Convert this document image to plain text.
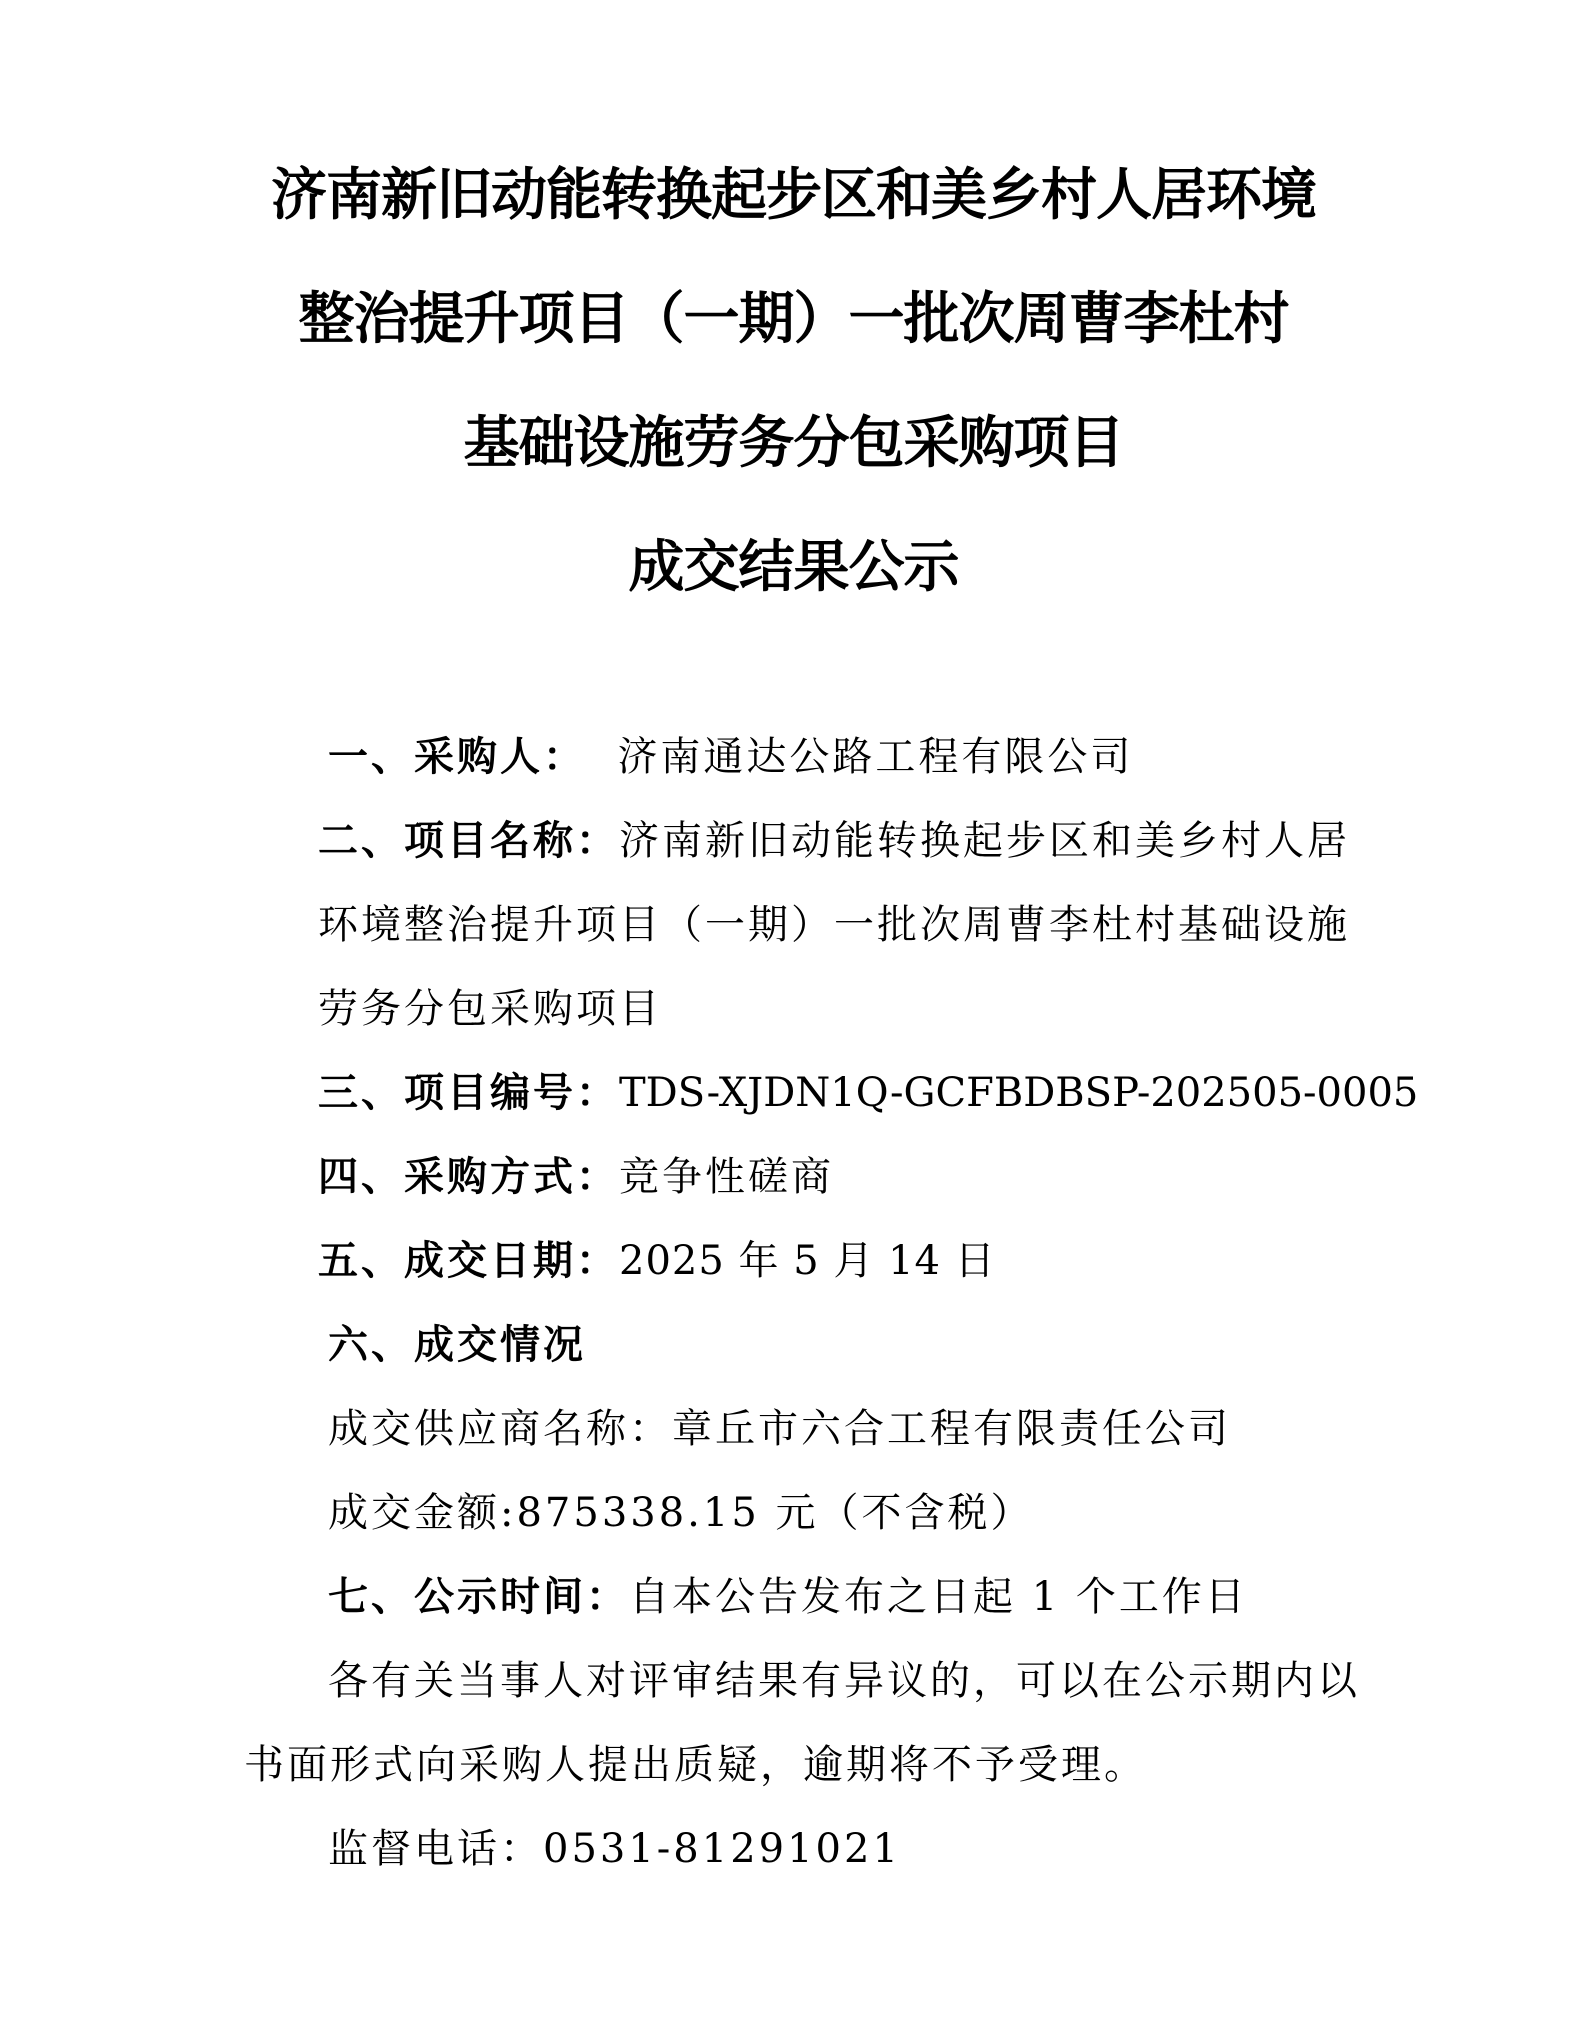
济南新旧动能转换起步区和美乡村人居环境
整治提升项目（一期）一批次周曹李杜村
基础设施劳务分包采购项目
成交结果公示
一、采购人： 济南通达公路工程有限公司
二、项目名称：济南新旧动能转换起步区和美乡村人居
环境整治提升项目（一期）一批次周曹李杜村基础设施
劳务分包采购项目
三、项目编号：TDS-XJDN1Q-GCFBDBSP-202505-0005
四、采购方式：竞争性磋商
五、成交日期：2025 年 5 月 14 日
六、成交情况
成交供应商名称：章丘市六合工程有限责任公司
成交金额:875338.15 元（不含税）
七、公示时间：自本公告发布之日起 1 个工作日
各有关当事人对评审结果有异议的，可以在公示期内以
书面形式向采购人提出质疑，逾期将不予受理。
监督电话：0531-81291021
